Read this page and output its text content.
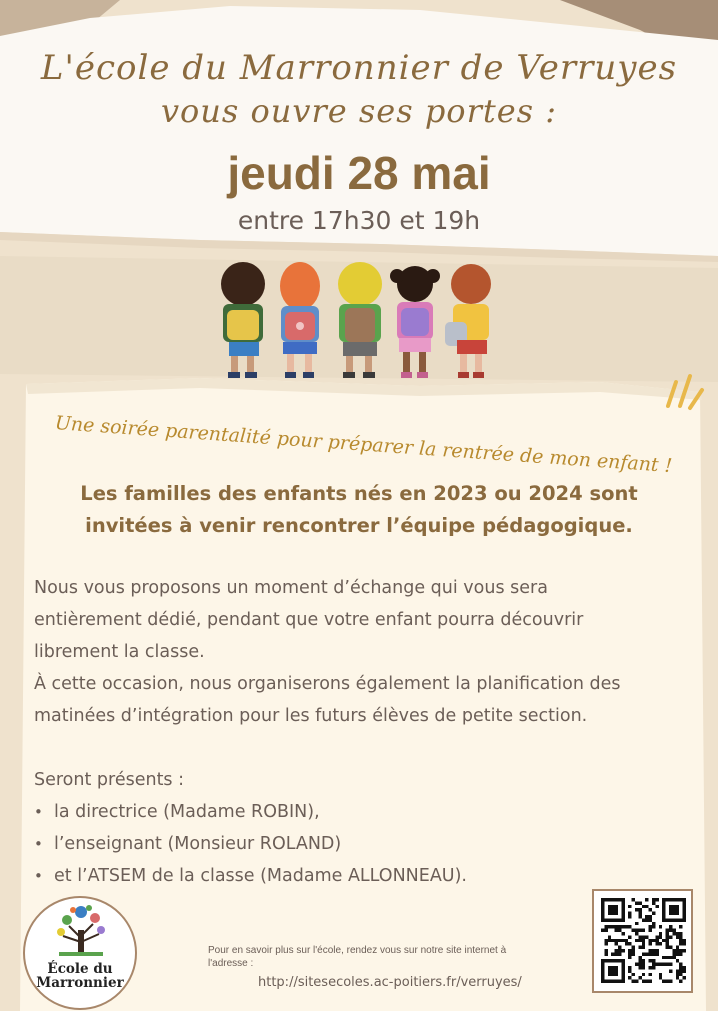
L'école du Marronnier de Verruyes
vous ouvre ses portes :
jeudi 28 mai
entre 17h30 et 19h
Une soirée parentalité pour préparer la rentrée de mon enfant !
Les familles des enfants nés en 2023 ou 2024 sont
invitées à venir rencontrer l’équipe pédagogique.
Nous vous proposons un moment d’échange qui vous sera
entièrement dédié, pendant que votre enfant pourra découvrir
librement la classe.
À cette occasion, nous organiserons également la planification des
matinées d’intégration pour les futurs élèves de petite section.
Seront présents :
• la directrice (Madame ROBIN),
• l’enseignant (Monsieur ROLAND)
• et l’ATSEM de la classe (Madame ALLONNEAU).
École du
Marronnier
Pour en savoir plus sur l'école, rendez vous sur notre site internet à
l'adresse :
http://sitesecoles.ac-poitiers.fr/verruyes/
